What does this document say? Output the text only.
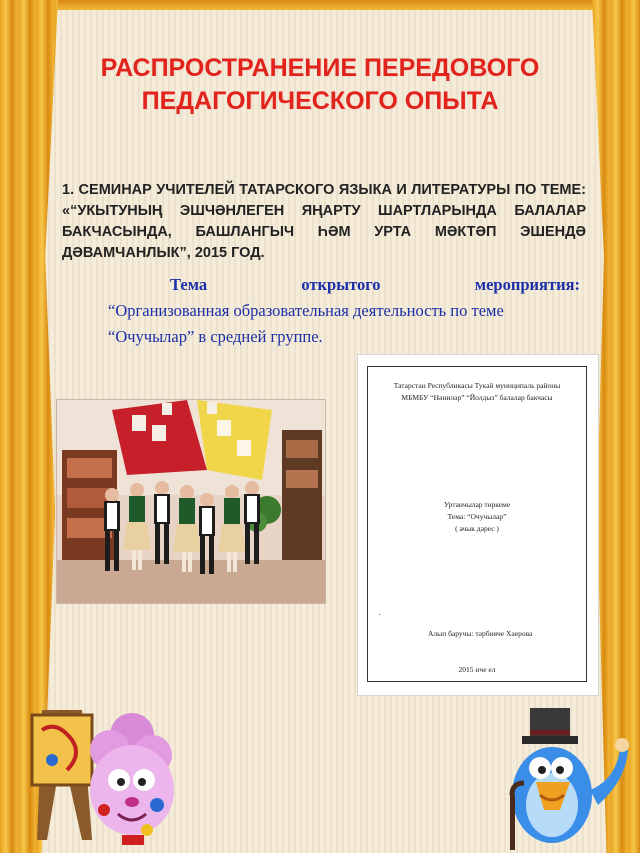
РАСПРОСТРАНЕНИЕ ПЕРЕДОВОГО ПЕДАГОГИЧЕСКОГО ОПЫТА
1. СЕМИНАР УЧИТЕЛЕЙ ТАТАРСКОГО ЯЗЫКА И ЛИТЕРАТУРЫ ПО ТЕМЕ: «“УКЫТУНЫҢ ЭШЧӘНЛЕГЕН ЯҢАРТУ ШАРТЛАРЫНДА БАЛАЛАР БАКЧАСЫНДА, БАШЛАНГЫЧ ҺӘМ УРТА МӘКТӘП ЭШЕНДӘ ДӘВАМЧАНЛЫК”, 2015 ГОД.
Тема открытого мероприятия:
“Организованная образовательная деятельность по теме “Очучылар” в средней группе.
Татарстан Республикасы Тукай муниципаль районы
МБМБУ “Нәниләр” “Йолдыз” балалар бакчасы
Уртанчылар төркеме
Тема: “Очучылар”
( ачык дәрес )
·
Алып баручы: тәрбияче Хәерова
2015 нче ел
